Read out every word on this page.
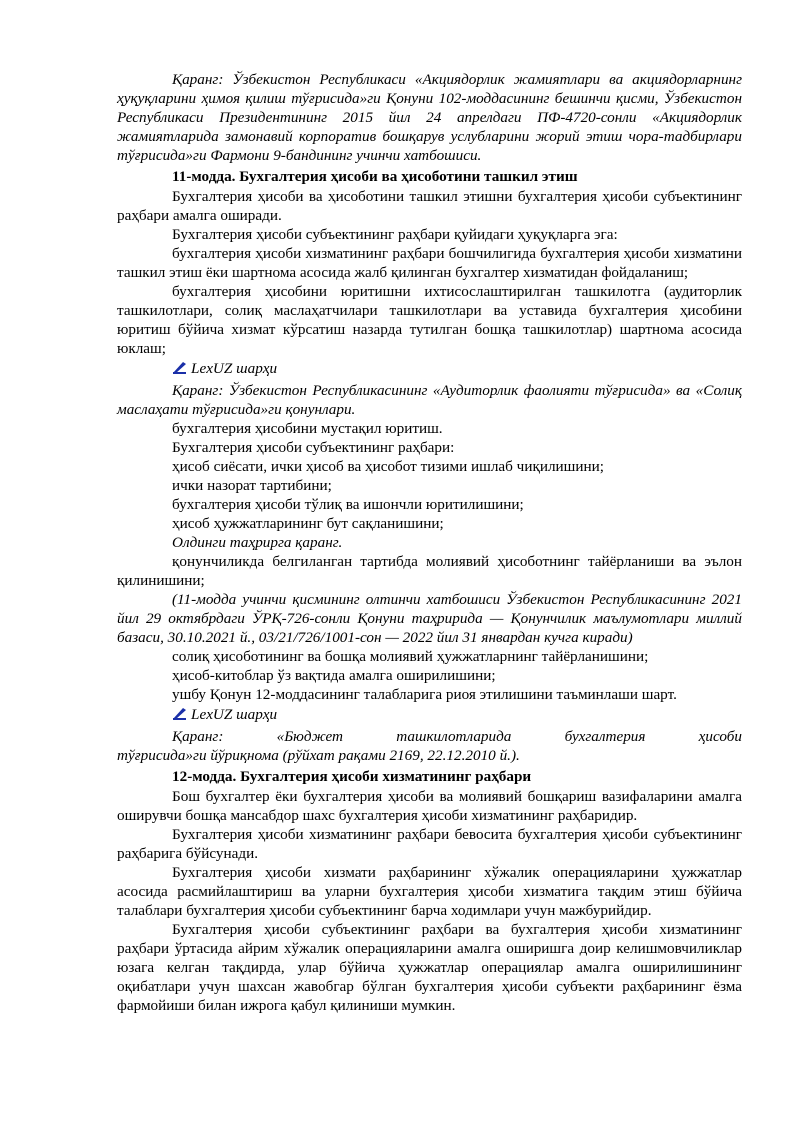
Қаранг: Ўзбекистон Республикаси «Акциядорлик жамиятлари ва акциядорларнинг ҳуқуқларини ҳимоя қилиш тўғрисида»ги Қонуни 102-моддасининг бешинчи қисми, Ўзбекистон Республикаси Президентининг 2015 йил 24 апрелдаги ПФ-4720-сонли «Акциядорлик жамиятларида замонавий корпоратив бошқарув услубларини жорий этиш чора-тадбирлари тўғрисида»ги Фармони 9-бандининг учинчи хатбошиси.

11-модда. Бухгалтерия ҳисоби ва ҳисоботини ташкил этиш

Бухгалтерия ҳисоби ва ҳисоботини ташкил этишни бухгалтерия ҳисоби субъектининг раҳбари амалга оширади.

Бухгалтерия ҳисоби субъектининг раҳбари қуйидаги ҳуқуқларга эга:

бухгалтерия ҳисоби хизматининг раҳбари бошчилигида бухгалтерия ҳисоби хизматини ташкил этиш ёки шартнома асосида жалб қилинган бухгалтер хизматидан фойдаланиш;

бухгалтерия ҳисобини юритишни ихтисослаштирилган ташкилотга (аудиторлик ташкилотлари, солиқ маслаҳатчилари ташкилотлари ва уставида бухгалтерия ҳисобини юритиш бўйича хизмат кўрсатиш назарда тутилган бошқа ташкилотлар) шартнома асосида юклаш;

LexUZ шарҳи

Қаранг: Ўзбекистон Республикасининг «Аудиторлик фаолияти тўғрисида» ва «Солиқ маслаҳати тўғрисида»ги қонунлари.

бухгалтерия ҳисобини мустақил юритиш.

Бухгалтерия ҳисоби субъектининг раҳбари:

ҳисоб сиёсати, ички ҳисоб ва ҳисобот тизими ишлаб чиқилишини;

ички назорат тартибини;

бухгалтерия ҳисоби тўлиқ ва ишончли юритилишини;

ҳисоб ҳужжатларининг бут сақланишини;

Олдинги таҳрирга қаранг.

қонунчиликда белгиланган тартибда молиявий ҳисоботнинг тайёрланиши ва эълон қилинишини;

(11-модда учинчи қисмининг олтинчи хатбошиси Ўзбекистон Республикасининг 2021 йил 29 октябрдаги ЎРҚ-726-сонли Қонуни таҳририда — Қонунчилик маълумотлари миллий базаси, 30.10.2021 й., 03/21/726/1001-сон — 2022 йил 31 январдан кучга киради)

солиқ ҳисоботининг ва бошқа молиявий ҳужжатларнинг тайёрланишини;

ҳисоб-китоблар ўз вақтида амалга оширилишини;

ушбу Қонун 12-моддасининг талабларига риоя этилишини таъминлаши шарт.

LexUZ шарҳи

Қаранг: «Бюджет ташкилотларида бухгалтерия ҳисоби

тўғрисида»ги йўриқнома (рўйхат рақами 2169, 22.12.2010 й.).

12-модда. Бухгалтерия ҳисоби хизматининг раҳбари

Бош бухгалтер ёки бухгалтерия ҳисоби ва молиявий бошқариш вазифаларини амалга оширувчи бошқа мансабдор шахс бухгалтерия ҳисоби хизматининг раҳбаридир.

Бухгалтерия ҳисоби хизматининг раҳбари бевосита бухгалтерия ҳисоби субъектининг раҳбарига бўйсунади.

Бухгалтерия ҳисоби хизмати раҳбарининг хўжалик операцияларини ҳужжатлар асосида расмийлаштириш ва уларни бухгалтерия ҳисоби хизматига тақдим этиш бўйича талаблари бухгалтерия ҳисоби субъектининг барча ходимлари учун мажбурийдир.

Бухгалтерия ҳисоби субъектининг раҳбари ва бухгалтерия ҳисоби хизматининг раҳбари ўртасида айрим хўжалик операцияларини амалга оширишга доир келишмовчиликлар юзага келган тақдирда, улар бўйича ҳужжатлар операциялар амалга оширилишининг оқибатлари учун шахсан жавобгар бўлган бухгалтерия ҳисоби субъекти раҳбарининг ёзма фармойиши билан ижрога қабул қилиниши мумкин.
